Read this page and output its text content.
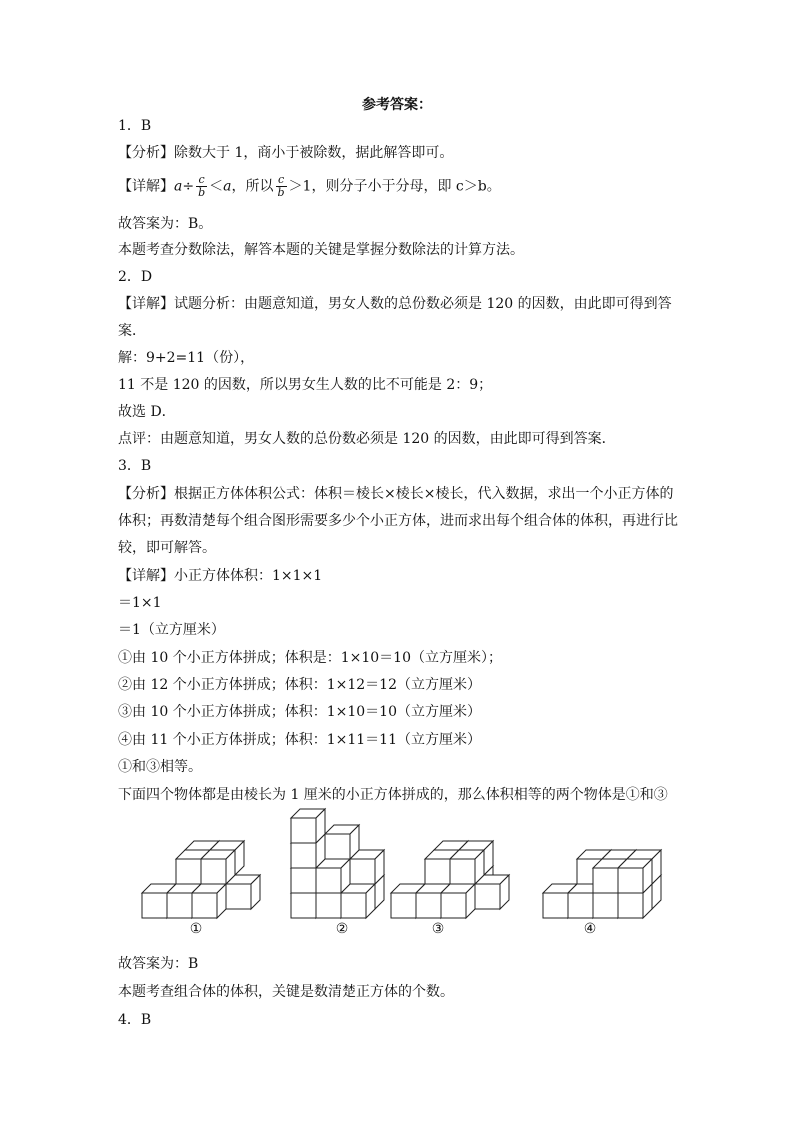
参考答案：
1．B
【分析】除数大于 1，商小于被除数，据此解答即可。
【详解】$a\div \frac{c}{b} <a$，所以 $\frac{c}{b} >1$，则分子小于分母，即 c＞b。
故答案为：B。
本题考查分数除法，解答本题的关键是掌握分数除法的计算方法。
2．D
【详解】试题分析：由题意知道，男女人数的总份数必须是 120 的因数，由此即可得到答
案．
解：9+2=11（份），
11 不是 120 的因数，所以男女生人数的比不可能是 2：9；
故选 D．
点评：由题意知道，男女人数的总份数必须是 120 的因数，由此即可得到答案．
3．B
【分析】根据正方体体积公式：体积＝棱长×棱长×棱长，代入数据，求出一个小正方体的
体积；再数清楚每个组合图形需要多少个小正方体，进而求出每个组合体的体积，再进行比
较，即可解答。
【详解】小正方体体积：1×1×1
＝1×1
＝1（立方厘米）
①由 10 个小正方体拼成；体积是：1×10＝10（立方厘米）；
②由 12 个小正方体拼成；体积：1×12＝12（立方厘米）
③由 10 个小正方体拼成；体积：1×10＝10（立方厘米）
④由 11 个小正方体拼成；体积：1×11＝11（立方厘米）
①和③相等。
下面四个物体都是由棱长为 1 厘米的小正方体拼成的，那么体积相等的两个物体是①和③
①	②	③	④
故答案为：B
本题考查组合体的体积，关键是数清楚正方体的个数。
4．B
